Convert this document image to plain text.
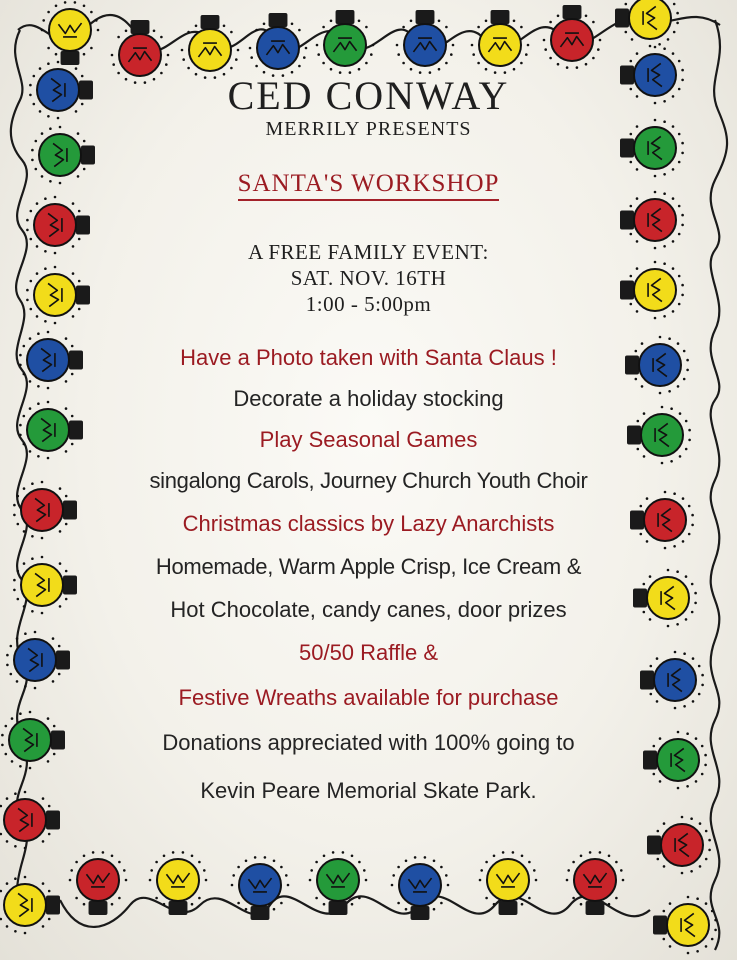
CED CONWAY
MERRILY PRESENTS
SANTA'S WORKSHOP
A FREE FAMILY EVENT:
SAT. NOV. 16TH
1:00 - 5:00pm
Have a Photo taken with Santa Claus !
Decorate a holiday stocking
Play Seasonal Games
singalong Carols, Journey Church Youth Choir
Christmas classics by Lazy Anarchists
Homemade, Warm Apple Crisp, Ice Cream &
Hot Chocolate, candy canes, door prizes
50/50 Raffle &
Festive Wreaths available for purchase
Donations appreciated with 100% going to
Kevin Peare Memorial Skate Park.
